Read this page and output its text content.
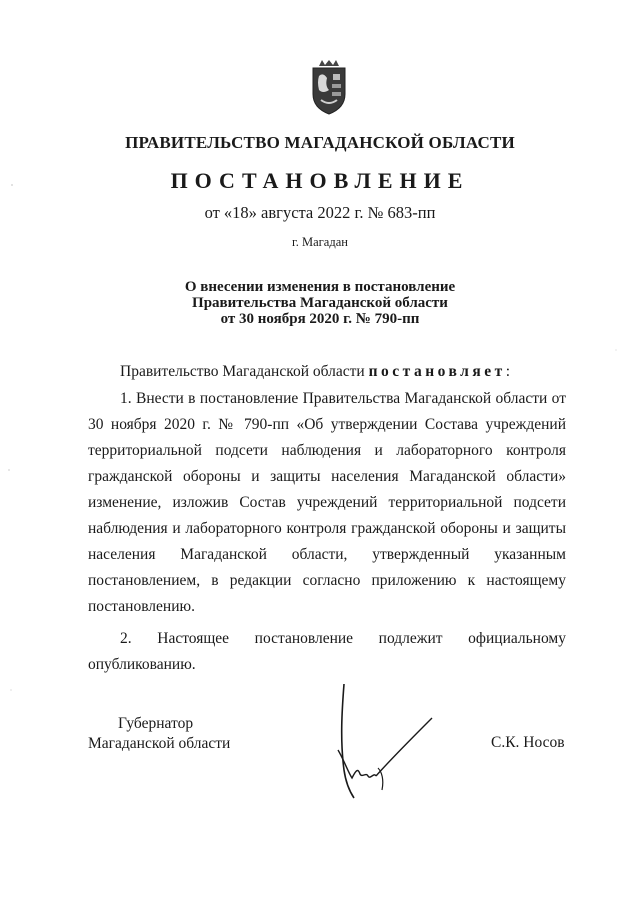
ПРАВИТЕЛЬСТВО МАГАДАНСКОЙ ОБЛАСТИ
ПОСТАНОВЛЕНИЕ
от «18» августа 2022 г. № 683-пп
г. Магадан
О внесении изменения в постановление
Правительства Магаданской области
от 30 ноября 2020 г. № 790-пп
Правительство Магаданской области постановляет:
1. Внести в постановление Правительства Магаданской области от
30 ноября 2020 г. № 790-пп «Об утверждении Состава учреждений
территориальной подсети наблюдения и лабораторного контроля
гражданской обороны и защиты населения Магаданской области»
изменение, изложив Состав учреждений территориальной подсети
наблюдения и лабораторного контроля гражданской обороны и защиты
населения Магаданской области, утвержденный указанным
постановлением, в редакции согласно приложению к настоящему
постановлению.
2. Настоящее постановление подлежит официальному
опубликованию.
Губернатор
Магаданской области	С.К. Носов
